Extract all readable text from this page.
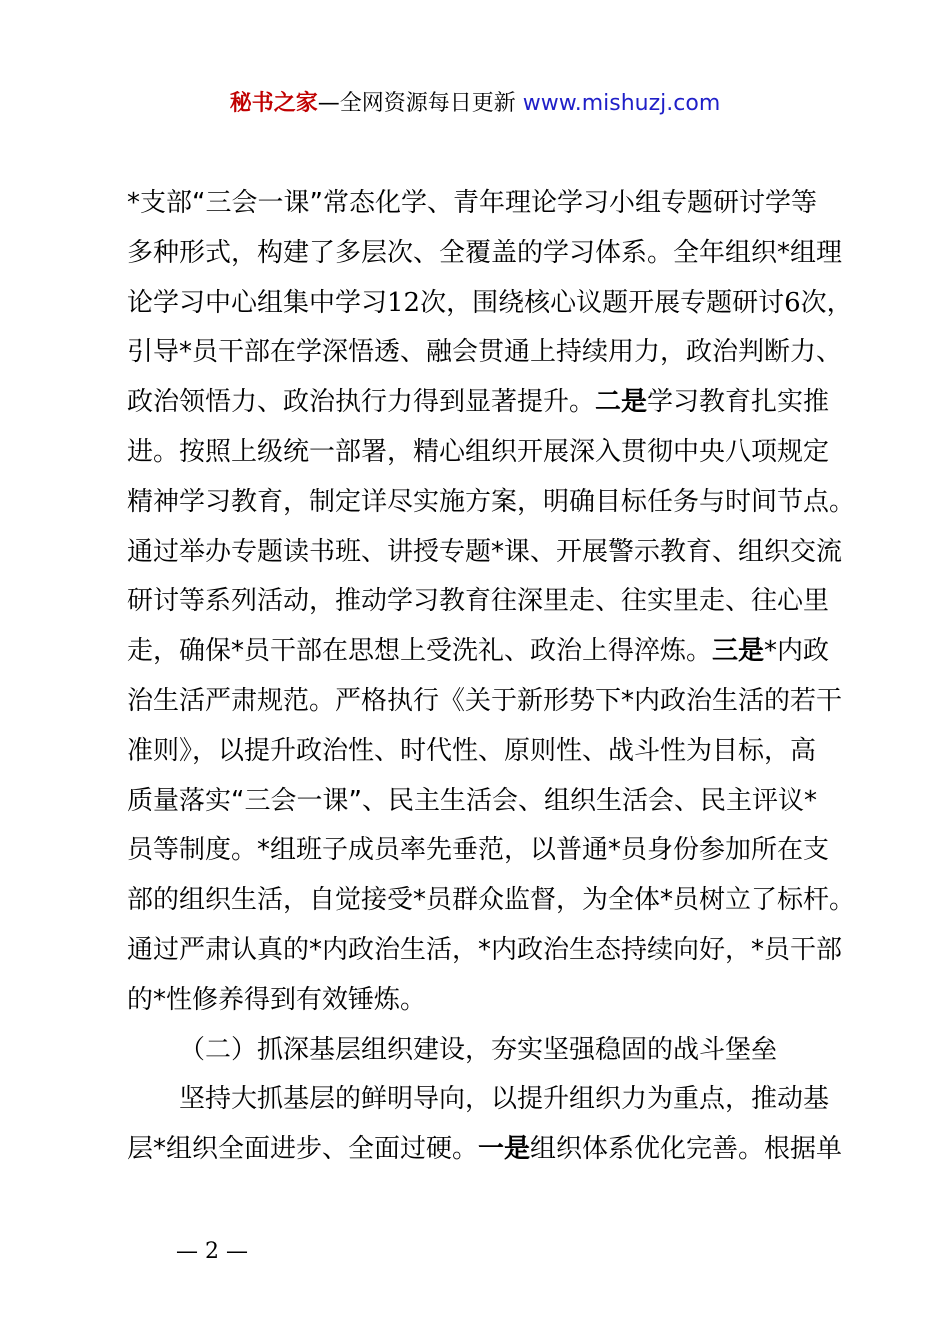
秘书之家—全网资源每日更新 www.mishuzj.com
*支部“三会一课”常态化学、青年理论学习小组专题研讨学等
多种形式，构建了多层次、全覆盖的学习体系。全年组织*组理
论学习中心组集中学习12次，围绕核心议题开展专题研讨6次，
引导*员干部在学深悟透、融会贯通上持续用力，政治判断力、
政治领悟力、政治执行力得到显著提升。二是学习教育扎实推
进。按照上级统一部署，精心组织开展深入贯彻中央八项规定
精神学习教育，制定详尽实施方案，明确目标任务与时间节点。
通过举办专题读书班、讲授专题*课、开展警示教育、组织交流
研讨等系列活动，推动学习教育往深里走、往实里走、往心里
走，确保*员干部在思想上受洗礼、政治上得淬炼。三是*内政
治生活严肃规范。严格执行《关于新形势下*内政治生活的若干
准则》，以提升政治性、时代性、原则性、战斗性为目标，高
质量落实“三会一课”、民主生活会、组织生活会、民主评议*
员等制度。*组班子成员率先垂范，以普通*员身份参加所在支
部的组织生活，自觉接受*员群众监督，为全体*员树立了标杆。
通过严肃认真的*内政治生活，*内政治生态持续向好，*员干部
的*性修养得到有效锤炼。
（二）抓深基层组织建设，夯实坚强稳固的战斗堡垒
坚持大抓基层的鲜明导向，以提升组织力为重点，推动基
层*组织全面进步、全面过硬。一是组织体系优化完善。根据单
— 2 —
